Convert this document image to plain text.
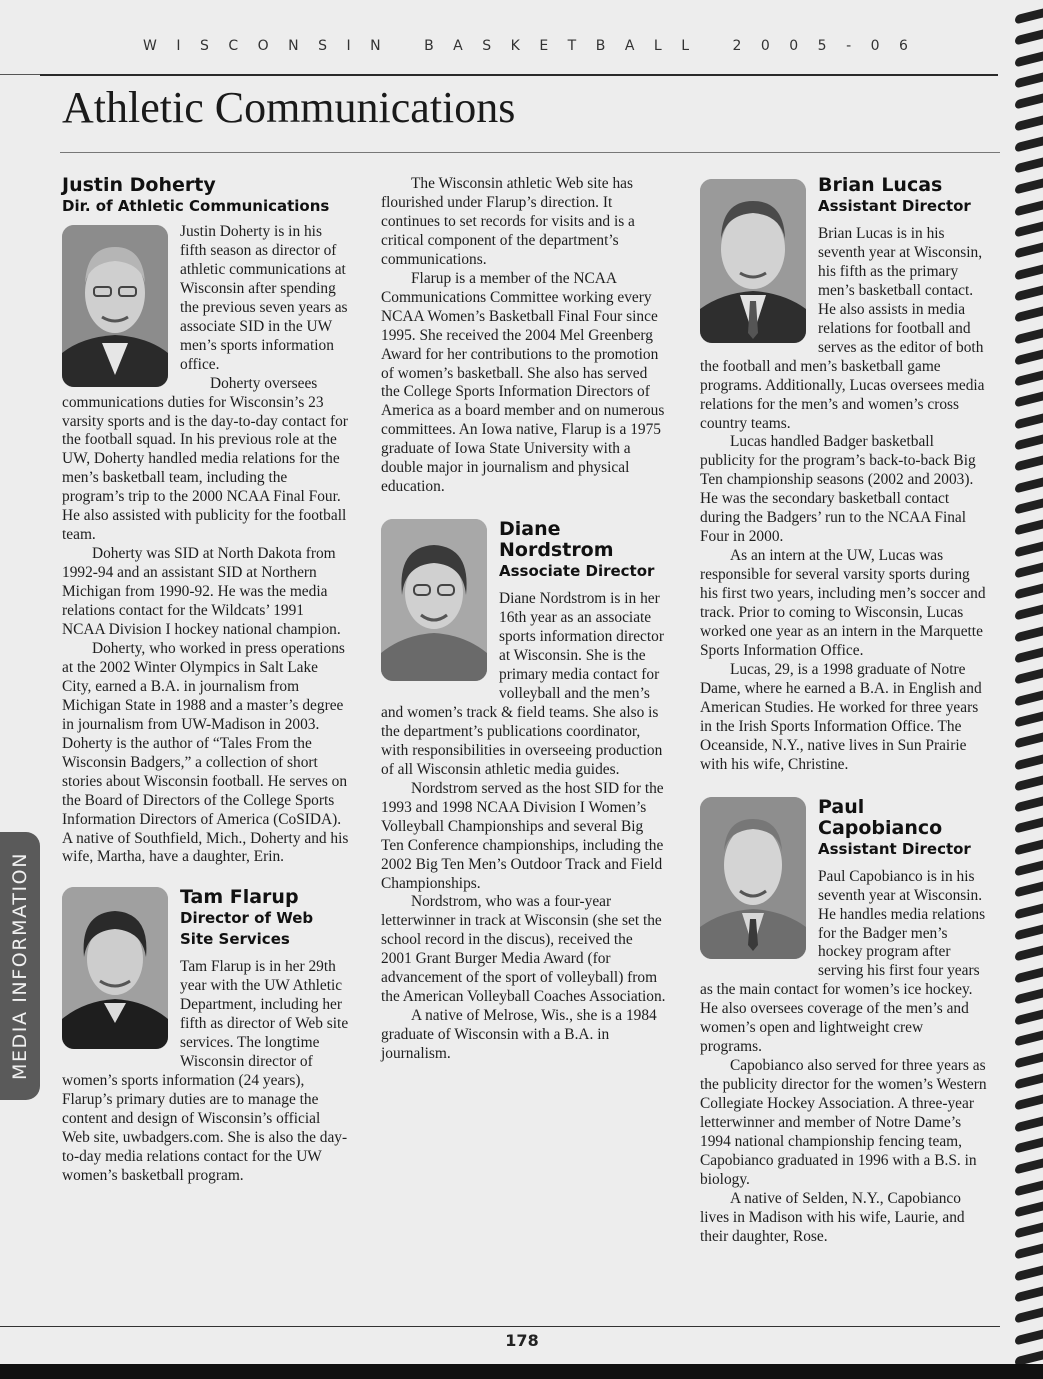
WISCONSIN BASKETBALL 2005-06
Athletic Communications
MEDIA INFORMATION
Justin Doherty
Dir. of Athletic Communications

Justin Doherty is in his fifth season as director of athletic communications at Wisconsin after spending the previous seven years as associate SID in the UW men’s sports information office.

Doherty oversees communications duties for Wisconsin’s 23 varsity sports and is the day-to-day contact for the football squad. In his previous role at the UW, Doherty handled media relations for the men’s basketball team, including the program’s trip to the 2000 NCAA Final Four. He also assisted with publicity for the football team.

Doherty was SID at North Dakota from 1992-94 and an assistant SID at Northern Michigan from 1990-92. He was the media relations contact for the Wildcats’ 1991 NCAA Division I hockey national champion.

Doherty, who worked in press operations at the 2002 Winter Olympics in Salt Lake City, earned a B.A. in journalism from Michigan State in 1988 and a master’s degree in journalism from UW-Madison in 2003. Doherty is the author of “Tales From the Wisconsin Badgers,” a collection of short stories about Wisconsin football. He serves on the Board of Directors of the College Sports Information Directors of America (CoSIDA). A native of Southfield, Mich., Doherty and his wife, Martha, have a daughter, Erin.

Tam Flarup
Director of Web Site Services

Tam Flarup is in her 29th year with the UW Athletic Department, including her fifth as director of Web site services. The longtime Wisconsin director of women’s sports information (24 years), Flarup’s primary duties are to manage the content and design of Wisconsin’s official Web site, uwbadgers.com. She is also the day-to-day media relations contact for the UW women’s basketball program.

The Wisconsin athletic Web site has flourished under Flarup’s direction. It continues to set records for visits and is a critical component of the department’s communications.

Flarup is a member of the NCAA Communications Committee working every NCAA Women’s Basketball Final Four since 1995. She received the 2004 Mel Greenberg Award for her contributions to the promotion of women’s basketball. She also has served the College Sports Information Directors of America as a board member and on numerous committees. An Iowa native, Flarup is a 1975 graduate of Iowa State University with a double major in journalism and physical education.

Diane Nordstrom
Associate Director

Diane Nordstrom is in her 16th year as an associate sports information director at Wisconsin. She is the primary media contact for volleyball and the men’s and women’s track & field teams. She also is the department’s publications coordinator, with responsibilities in overseeing production of all Wisconsin athletic media guides.

Nordstrom served as the host SID for the 1993 and 1998 NCAA Division I Women’s Volleyball Championships and several Big Ten Conference championships, including the 2002 Big Ten Men’s Outdoor Track and Field Championships.

Nordstrom, who was a four-year letterwinner in track at Wisconsin (she set the school record in the discus), received the 2001 Grant Burger Media Award (for advancement of the sport of volleyball) from the American Volleyball Coaches Association.

A native of Melrose, Wis., she is a 1984 graduate of Wisconsin with a B.A. in journalism.

Brian Lucas
Assistant Director

Brian Lucas is in his seventh year at Wisconsin, his fifth as the primary men’s basketball contact. He also assists in media relations for football and serves as the editor of both the football and men’s basketball game programs. Additionally, Lucas oversees media relations for the men’s and women’s cross country teams.

Lucas handled Badger basketball publicity for the program’s back-to-back Big Ten championship seasons (2002 and 2003). He was the secondary basketball contact during the Badgers’ run to the NCAA Final Four in 2000.

As an intern at the UW, Lucas was responsible for several varsity sports during his first two years, including men’s soccer and track. Prior to coming to Wisconsin, Lucas worked one year as an intern in the Marquette Sports Information Office.

Lucas, 29, is a 1998 graduate of Notre Dame, where he earned a B.A. in English and American Studies. He worked for three years in the Irish Sports Information Office. The Oceanside, N.Y., native lives in Sun Prairie with his wife, Christine.

Paul Capobianco
Assistant Director

Paul Capobianco is in his seventh year at Wisconsin. He handles media relations for the Badger men’s hockey program after serving his first four years as the main contact for women’s ice hockey. He also oversees coverage of the men’s and women’s open and lightweight crew programs.

Capobianco also served for three years as the publicity director for the women’s Western Collegiate Hockey Association. A three-year letterwinner and member of Notre Dame’s 1994 national championship fencing team, Capobianco graduated in 1996 with a B.S. in biology.

A native of Selden, N.Y., Capobianco lives in Madison with his wife, Laurie, and their daughter, Rose.

178
